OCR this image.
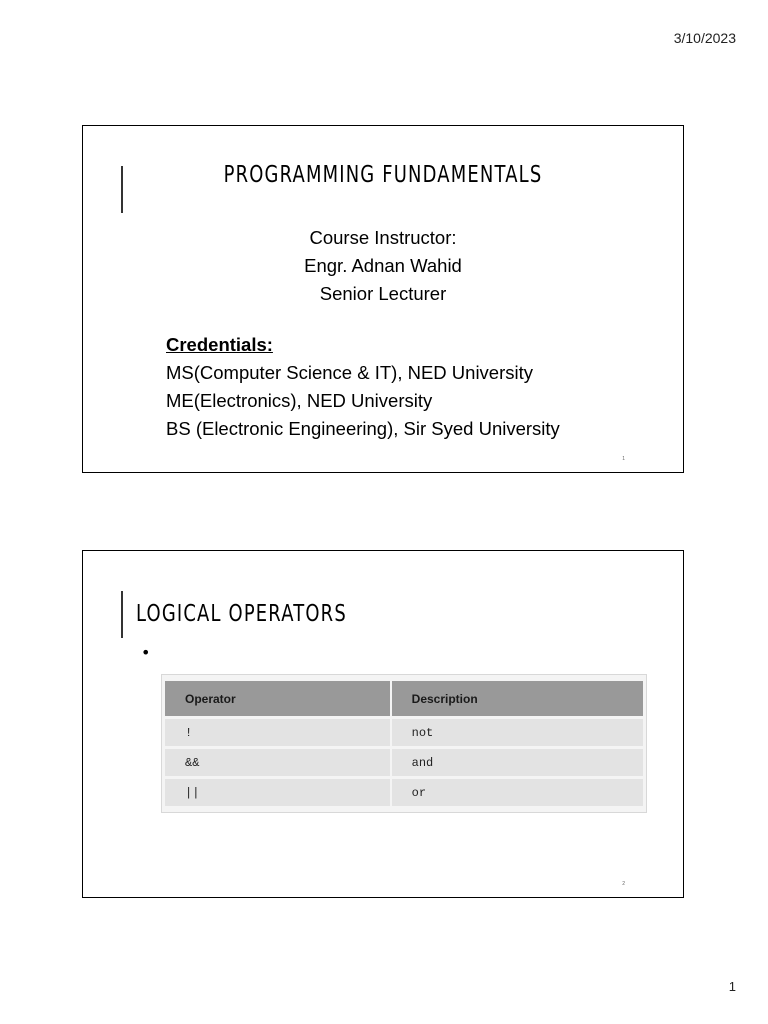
3/10/2023
PROGRAMMING FUNDAMENTALS
Course Instructor:
Engr. Adnan Wahid
Senior Lecturer
Credentials:
MS(Computer Science & IT), NED University
ME(Electronics), NED University
BS (Electronic Engineering), Sir Syed University
1
LOGICAL OPERATORS
•
Operator	Description
!	not
&&	and
||	or
2
1
